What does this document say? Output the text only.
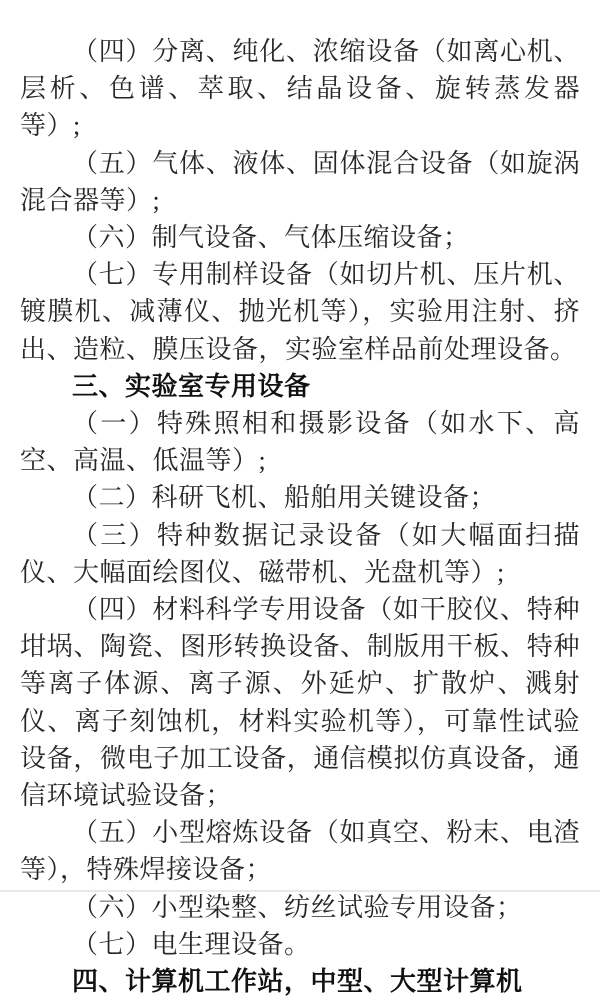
（四）分离、纯化、浓缩设备（如离心机、层析、色谱、萃取、结晶设备、旋转蒸发器等）;

（五）气体、液体、固体混合设备（如旋涡混合器等）;

（六）制气设备、气体压缩设备；

（七）专用制样设备（如切片机、压片机、镀膜机、减薄仪、抛光机等），实验用注射、挤出、造粒、膜压设备，实验室样品前处理设备。

三、实验室专用设备

（一）特殊照相和摄影设备（如水下、高空、高温、低温等）;

（二）科研飞机、船舶用关键设备；

（三）特种数据记录设备（如大幅面扫描仪、大幅面绘图仪、磁带机、光盘机等）;

（四）材料科学专用设备（如干胶仪、特种坩埚、陶瓷、图形转换设备、制版用干板、特种等离子体源、离子源、外延炉、扩散炉、溅射仪、离子刻蚀机，材料实验机等），可靠性试验设备，微电子加工设备，通信模拟仿真设备，通信环境试验设备；

（五）小型熔炼设备（如真空、粉末、电渣等），特殊焊接设备；

（六）小型染整、纺丝试验专用设备；

（七）电生理设备。

四、计算机工作站，中型、大型计算机
